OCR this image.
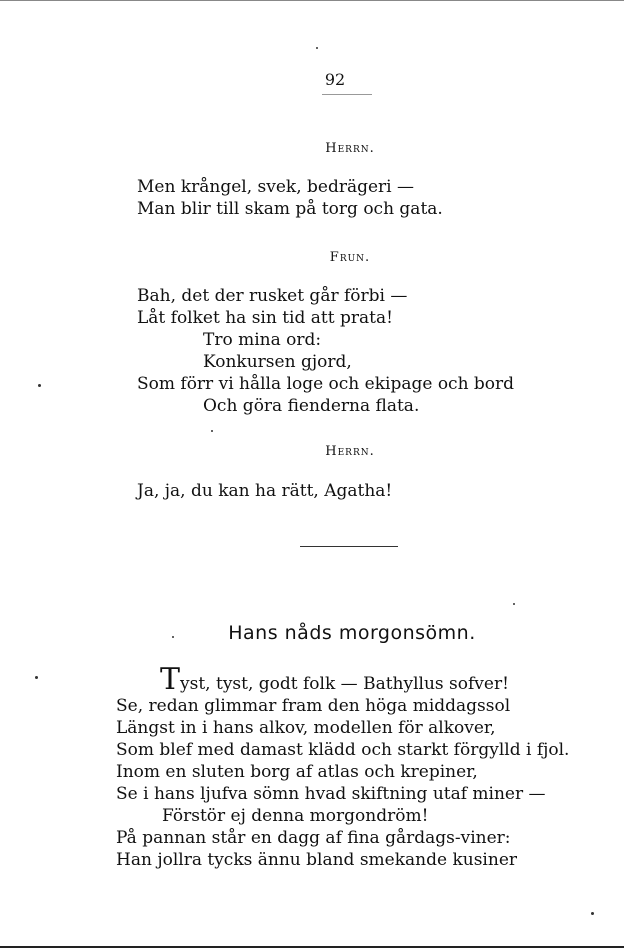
92
Herrn.
Men krångel, svek, bedrägeri —
Man blir till skam på torg och gata.
Frun.
Bah, det der rusket går förbi —
Låt folket ha sin tid att prata!
Tro mina ord:
Konkursen gjord,
Som förr vi hålla loge och ekipage och bord
Och göra fienderna flata.
Herrn.
Ja, ja, du kan ha rätt, Agatha!
Hans nåds morgonsömn.
Tyst, tyst, godt folk — Bathyllus sofver!
Se, redan glimmar fram den höga middagssol
Längst in i hans alkov, modellen för alkover,
Som blef med damast klädd och starkt förgylld i fjol.
Inom en sluten borg af atlas och krepiner,
Se i hans ljufva sömn hvad skiftning utaf miner —
Förstör ej denna morgondröm!
På pannan står en dagg af fina gårdags-viner:
Han jollra tycks ännu bland smekande kusiner
